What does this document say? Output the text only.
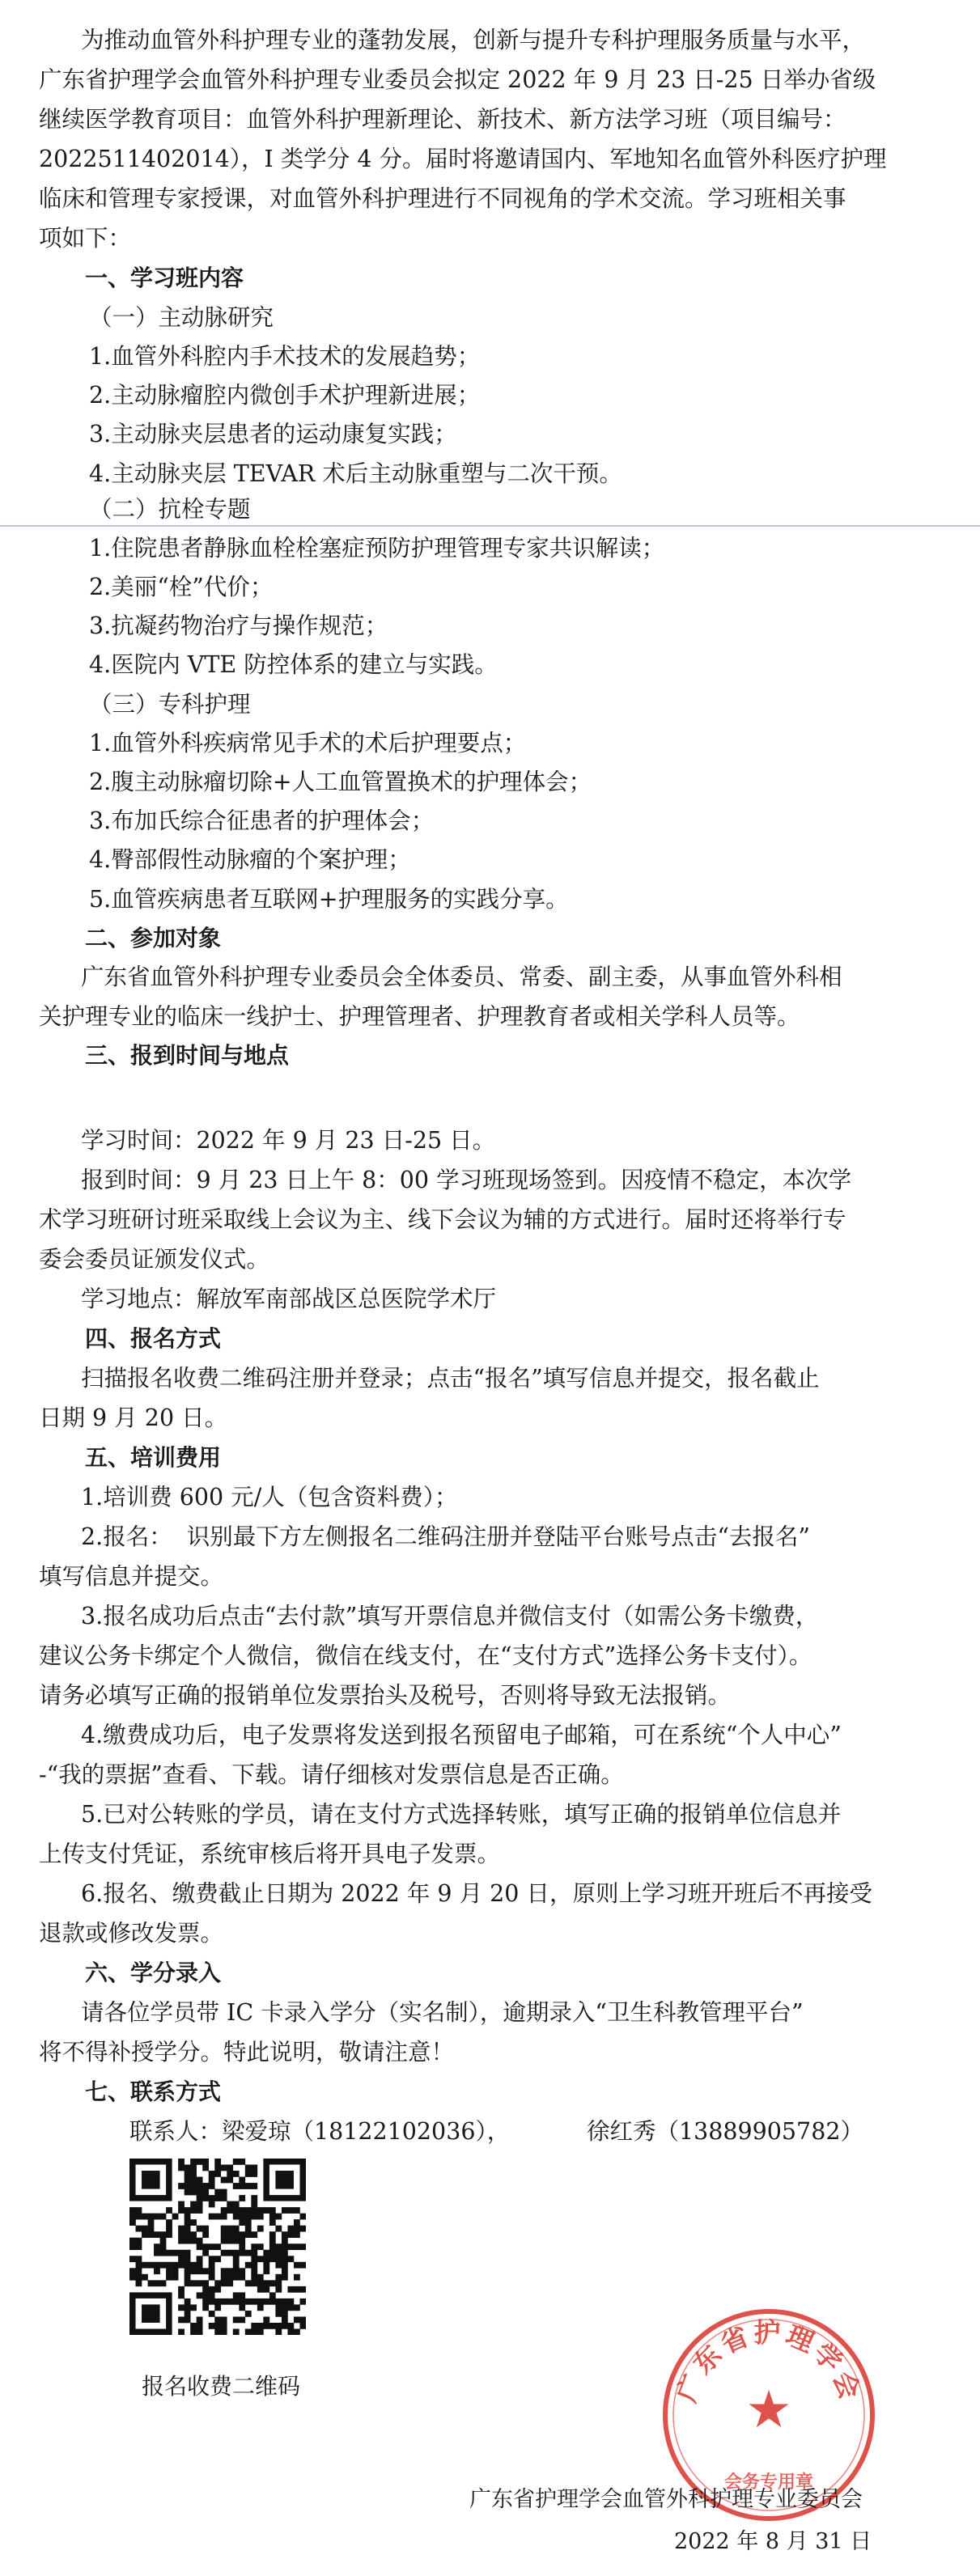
为推动血管外科护理专业的蓬勃发展，创新与提升专科护理服务质量与水平，
广东省护理学会血管外科护理专业委员会拟定 2022 年 9 月 23 日-25 日举办省级
继续医学教育项目：血管外科护理新理论、新技术、新方法学习班（项目编号：
2022511402014），I 类学分 4 分。届时将邀请国内、军地知名血管外科医疗护理
临床和管理专家授课，对血管外科护理进行不同视角的学术交流。学习班相关事
项如下：
一、学习班内容
（一）主动脉研究
1.血管外科腔内手术技术的发展趋势；
2.主动脉瘤腔内微创手术护理新进展；
3.主动脉夹层患者的运动康复实践；
4.主动脉夹层 TEVAR 术后主动脉重塑与二次干预。
（二）抗栓专题
1.住院患者静脉血栓栓塞症预防护理管理专家共识解读；
2.美丽“栓”代价；
3.抗凝药物治疗与操作规范；
4.医院内 VTE 防控体系的建立与实践。
（三）专科护理
1.血管外科疾病常见手术的术后护理要点；
2.腹主动脉瘤切除+人工血管置换术的护理体会；
3.布加氏综合征患者的护理体会；
4.臀部假性动脉瘤的个案护理；
5.血管疾病患者互联网+护理服务的实践分享。
二、参加对象
广东省血管外科护理专业委员会全体委员、常委、副主委，从事血管外科相
关护理专业的临床一线护士、护理管理者、护理教育者或相关学科人员等。
三、报到时间与地点
学习时间：2022 年 9 月 23 日-25 日。
报到时间：9 月 23 日上午 8：00 学习班现场签到。因疫情不稳定，本次学
术学习班研讨班采取线上会议为主、线下会议为辅的方式进行。届时还将举行专
委会委员证颁发仪式。
学习地点：解放军南部战区总医院学术厅
四、报名方式
扫描报名收费二维码注册并登录；点击“报名”填写信息并提交，报名截止
日期 9 月 20 日。
五、培训费用
1.培训费 600 元/人（包含资料费）；
2.报名：  识别最下方左侧报名二维码注册并登陆平台账号点击“去报名”
填写信息并提交。
3.报名成功后点击“去付款”填写开票信息并微信支付（如需公务卡缴费，
建议公务卡绑定个人微信，微信在线支付，在“支付方式”选择公务卡支付）。
请务必填写正确的报销单位发票抬头及税号，否则将导致无法报销。
4.缴费成功后，电子发票将发送到报名预留电子邮箱，可在系统“个人中心”
-“我的票据”查看、下载。请仔细核对发票信息是否正确。
5.已对公转账的学员，请在支付方式选择转账，填写正确的报销单位信息并
上传支付凭证，系统审核后将开具电子发票。
6.报名、缴费截止日期为 2022 年 9 月 20 日，原则上学习班开班后不再接受
退款或修改发票。
六、学分录入
请各位学员带 IC 卡录入学分（实名制），逾期录入“卫生科教管理平台”
将不得补授学分。特此说明，敬请注意！
七、联系方式
联系人：梁爱琼（18122102036），	徐红秀（13889905782）
报名收费二维码	广东省护理学会
★
会务专用章
广东省护理学会血管外科护理专业委员会
2022 年 8 月 31 日
